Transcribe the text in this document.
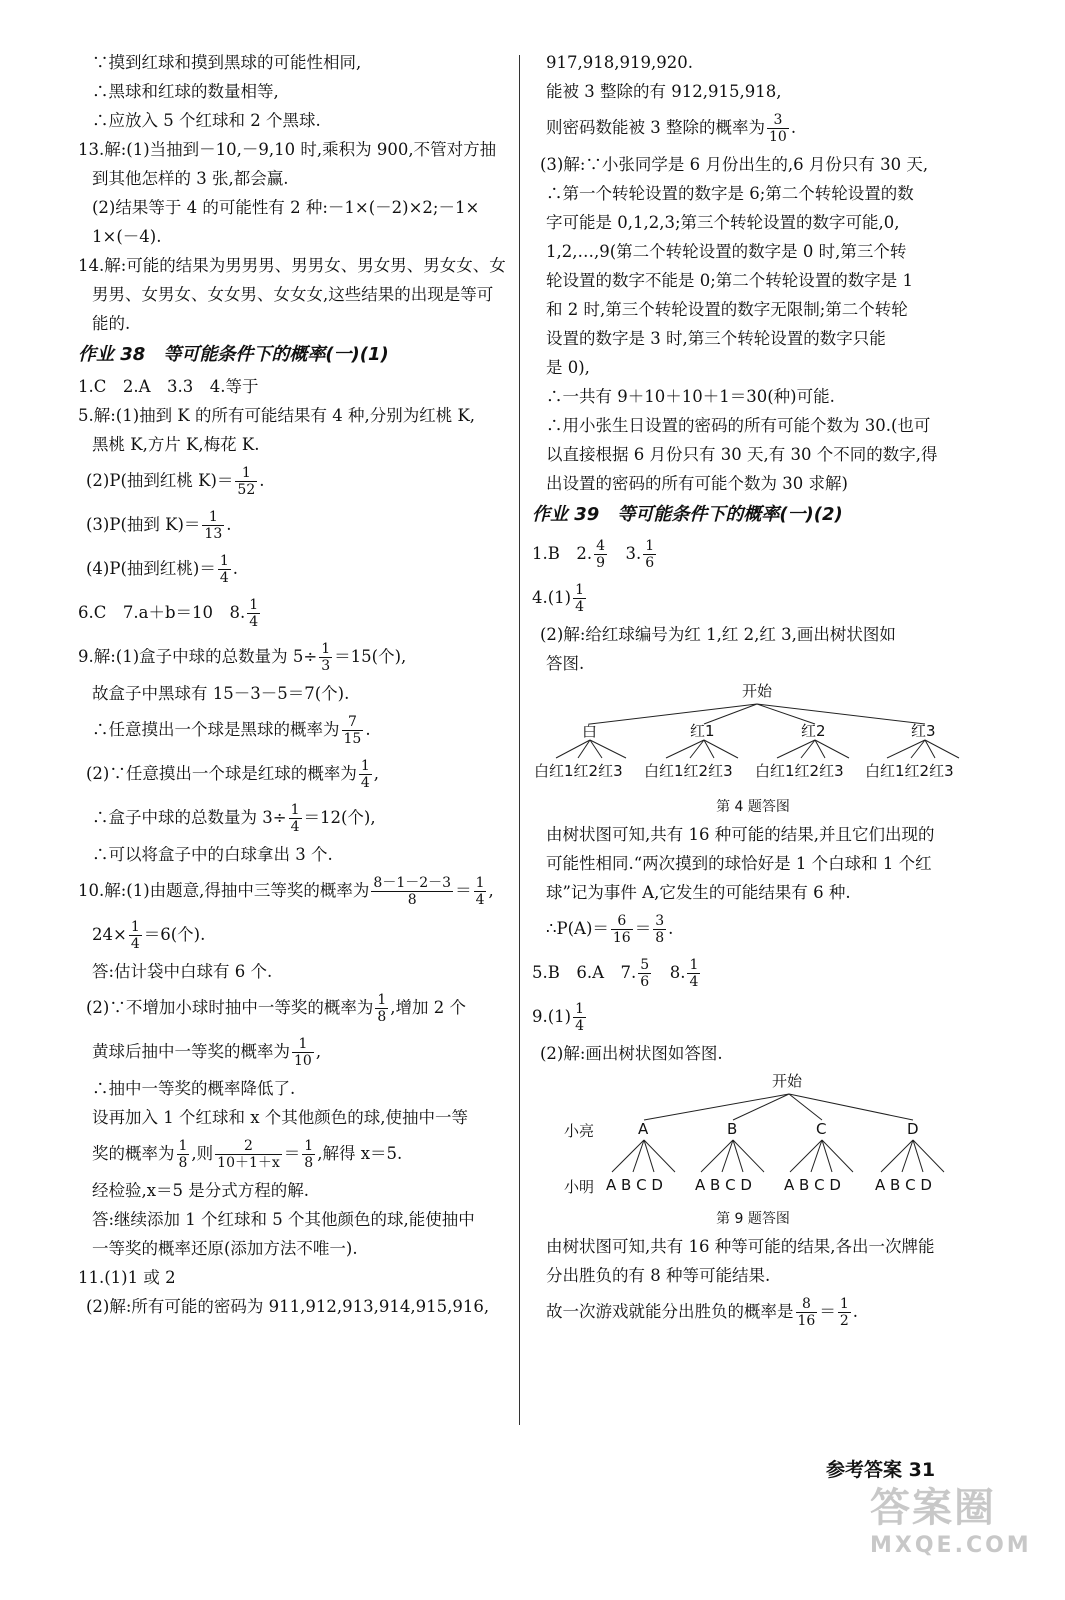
∵摸到红球和摸到黑球的可能性相同,
∴黑球和红球的数量相等,
∴应放入 5 个红球和 2 个黑球.
13.解:(1)当抽到－10,－9,10 时,乘积为 900,不管对方抽
到其他怎样的 3 张,都会赢.
(2)结果等于 4 的可能性有 2 种:－1×(－2)×2;－1×
1×(－4).
14.解:可能的结果为男男男、男男女、男女男、男女女、女
男男、女男女、女女男、女女女,这些结果的出现是等可
能的.
作业 38　等可能条件下的概率(一)(1)
1.C　2.A　3.3　4.等于
5.解:(1)抽到 K 的所有可能结果有 4 种,分别为红桃 K,
黑桃 K,方片 K,梅花 K.
(2)P(抽到红桃 $K)= \frac{1}{52}$ .
(3)P(抽到 $K)= \frac{1}{13}$ .
(4)P(抽到红桃)＝ $\frac{1}{4}$ .
6.C　7.a＋b＝10　8. $\frac{1}{4}$
9.解:(1)盒子中球的总数量为 $5\div \frac{1}{3} =15$(个),
故盒子中黑球有 15－3－5＝7(个).
∴任意摸出一个球是黑球的概率为 $\frac{7}{15}$ .
(2)∵任意摸出一个球是红球的概率为 $\frac{1}{4}$ ,
∴盒子中球的总数量为 $3\div \frac{1}{4} =12$(个),
∴可以将盒子中的白球拿出 3 个.
10.解:(1)由题意,得抽中三等奖的概率为 $\frac{8-1-2-3}{8} = \frac{1}{4}$ ,
$24\times \frac{1}{4} =6$(个).
答:估计袋中白球有 6 个.
(2)∵不增加小球时抽中一等奖的概率为 $\frac{1}{8}$ ,增加 2 个
黄球后抽中一等奖的概率为 $\frac{1}{10}$ ,
∴抽中一等奖的概率降低了.
设再加入 1 个红球和 x 个其他颜色的球,使抽中一等
奖的概率为 $\frac{1}{8}$ ,则 $\frac{2}{10+1+x} = \frac{1}{8}$ ,解得 x＝5.
经检验,x＝5 是分式方程的解.
答:继续添加 1 个红球和 5 个其他颜色的球,能使抽中
一等奖的概率还原(添加方法不唯一).
11.(1)1 或 2
(2)解:所有可能的密码为 911,912,913,914,915,916,
917,918,919,920.
能被 3 整除的有 912,915,918,
则密码数能被 3 整除的概率为 $\frac{3}{10}$ .
(3)解:∵小张同学是 6 月份出生的,6 月份只有 30 天,
∴第一个转轮设置的数字是 6;第二个转轮设置的数
字可能是 0,1,2,3;第三个转轮设置的数字可能,0,
1,2,…,9(第二个转轮设置的数字是 0 时,第三个转
轮设置的数字不能是 0;第二个转轮设置的数字是 1
和 2 时,第三个转轮设置的数字无限制;第二个转轮
设置的数字是 3 时,第三个转轮设置的数字只能
是 0),
∴一共有 9＋10＋10＋1＝30(种)可能.
∴用小张生日设置的密码的所有可能个数为 30.(也可
以直接根据 6 月份只有 30 天,有 30 个不同的数字,得
出设置的密码的所有可能个数为 30 求解)
作业 39　等可能条件下的概率(一)(2)
1.B　2. $\frac{4}{9}$ 　3. $\frac{1}{6}$
$4.(1) \frac{1}{4}$
(2)解:给红球编号为红 1,红 2,红 3,画出树状图如
答图.
开始
白	红1	红2	红3
白红1红2红3 白红1红2红3 白红1红2红3 白红1红2红3
第 4 题答图
由树状图可知,共有 16 种可能的结果,并且它们出现的
可能性相同.“两次摸到的球恰好是 1 个白球和 1 个红
球”记为事件 A,它发生的可能结果有 6 种.
∴P(A)＝ $\frac{6}{16} = \frac{3}{8}$ .
5.B　6.A　7. $\frac{5}{6}$ 　8. $\frac{1}{4}$
$9.(1) \frac{1}{4}$
(2)解:画出树状图如答图.
开始
小亮	A	B	C	D
小明 A B C D A B C D A B C D A B C D
第 9 题答图
由树状图可知,共有 16 种等可能的结果,各出一次牌能
分出胜负的有 8 种等可能结果.
故一次游戏就能分出胜负的概率是 $\frac{8}{16} = \frac{1}{2}$ .
参考答案 31
答案圈
MXQE.COM
